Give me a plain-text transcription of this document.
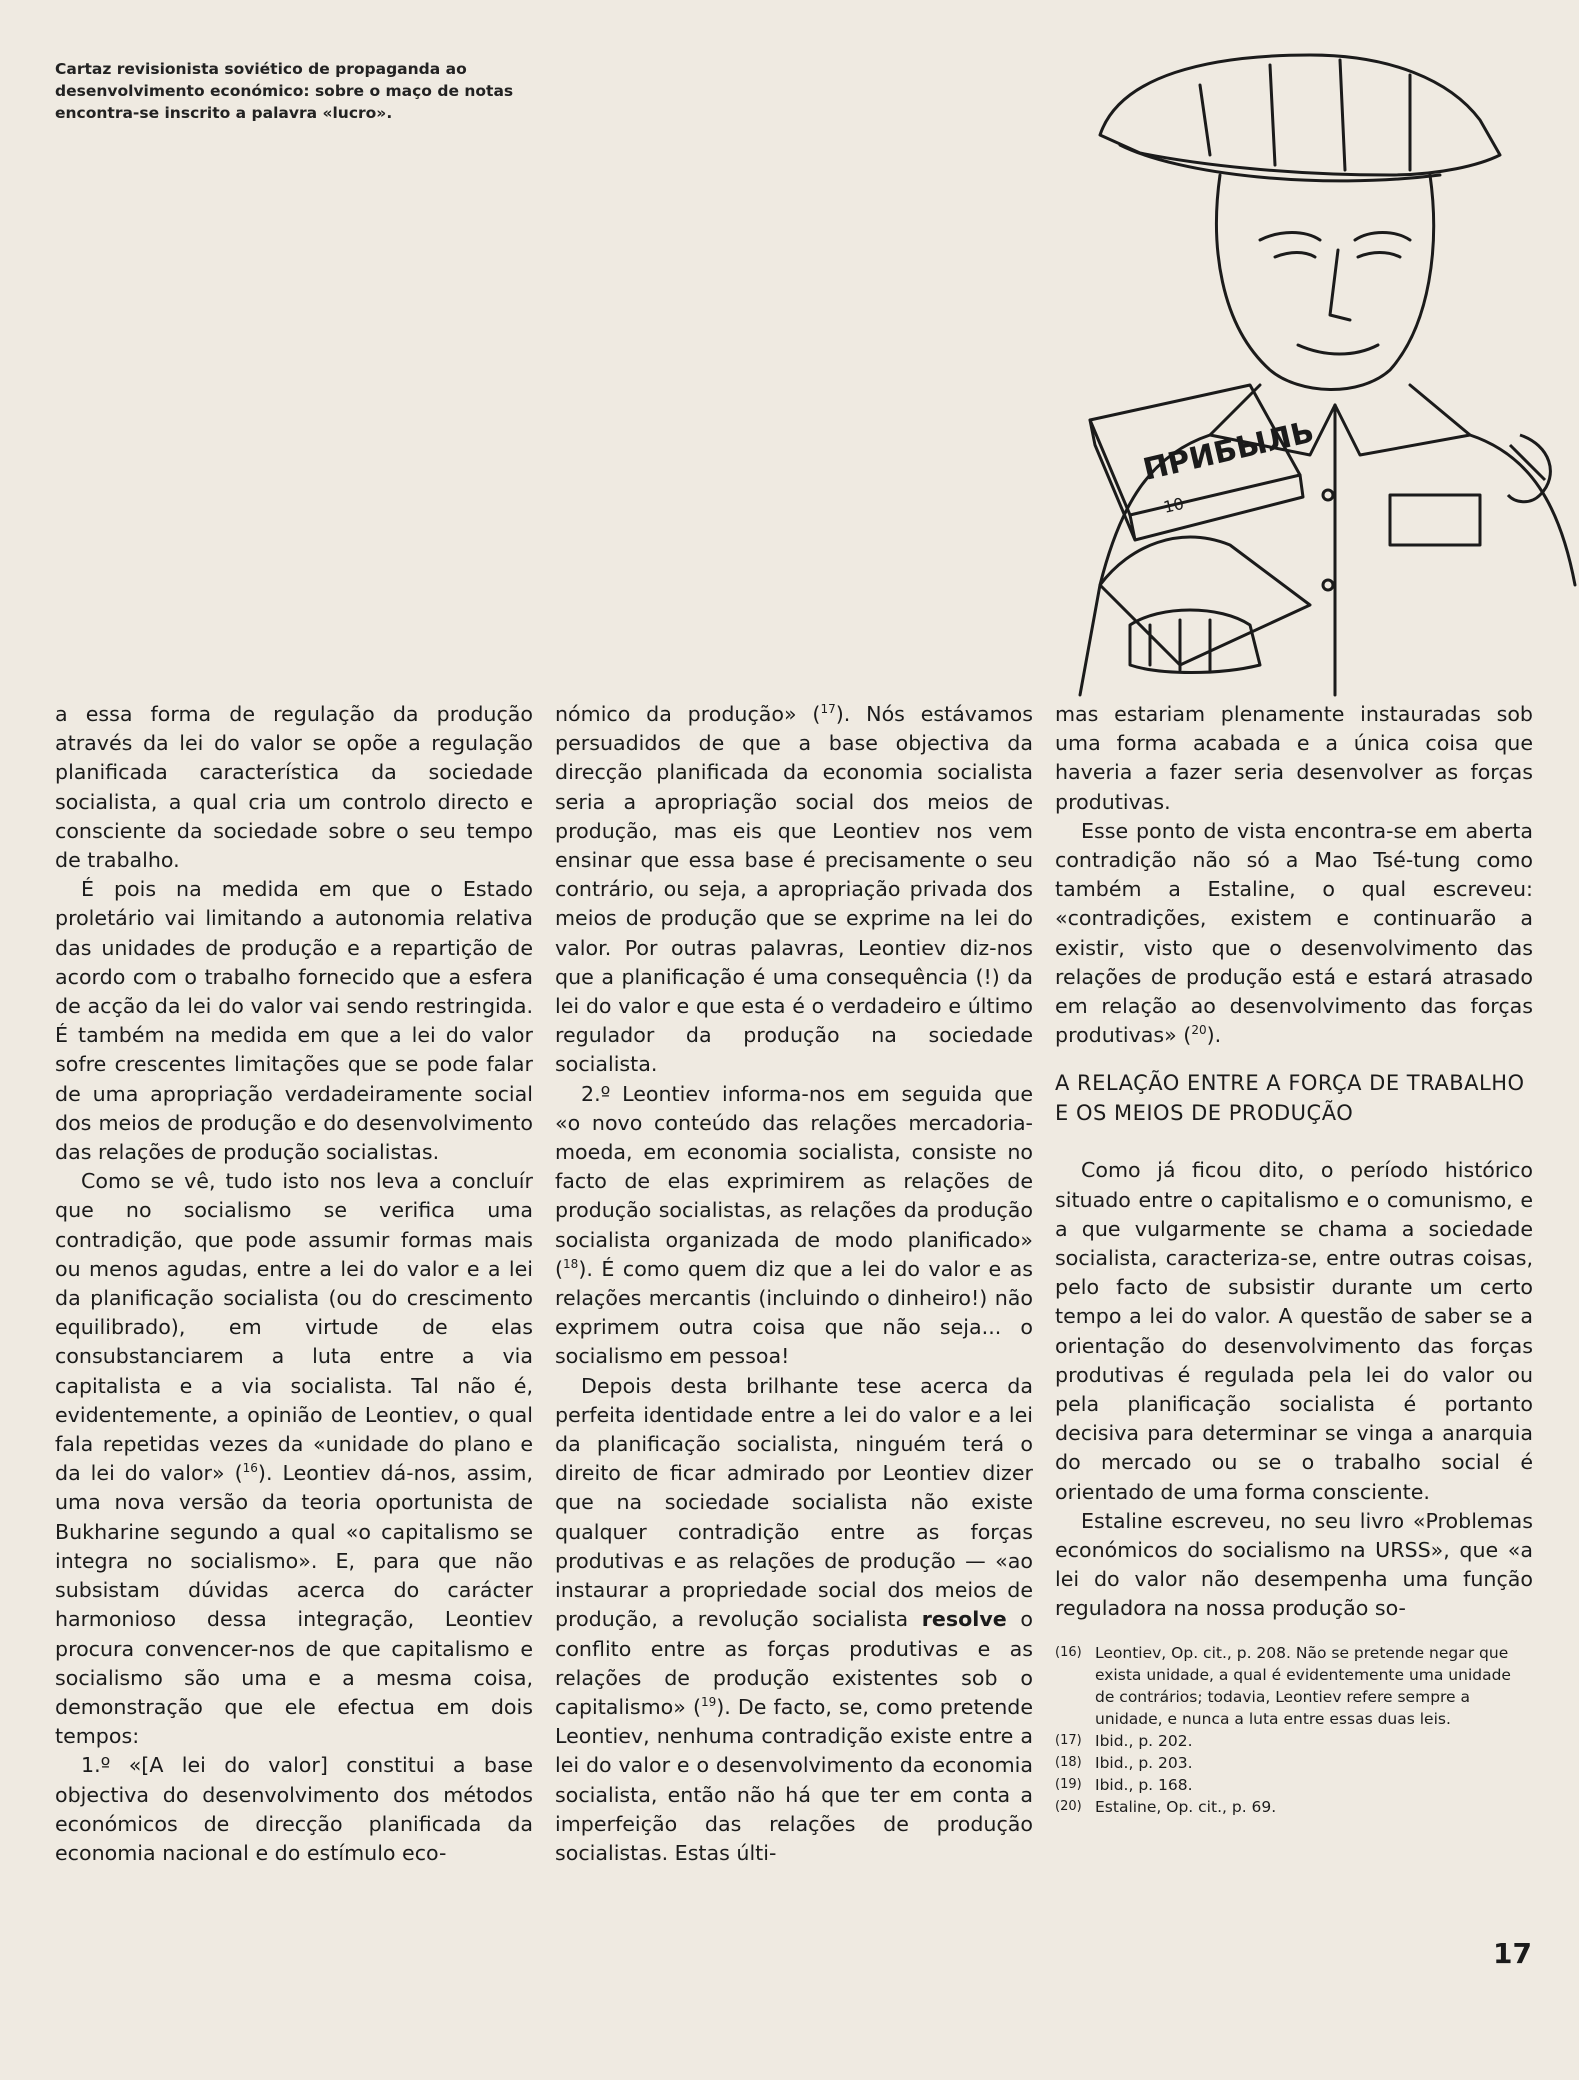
Cartaz revisionista soviético de propaganda ao desenvolvimento económico: sobre o maço de notas encontra-se inscrito a palavra «lucro».
ПРИБЫЛЬ
10

a essa forma de regulação da produção através da lei do valor se opõe a regulação planificada característica da sociedade socialista, a qual cria um controlo directo e consciente da sociedade sobre o seu tempo de trabalho.

É pois na medida em que o Estado proletário vai limitando a autonomia relativa das unidades de produção e a repartição de acordo com o trabalho fornecido que a esfera de acção da lei do valor vai sendo restringida. É também na medida em que a lei do valor sofre crescentes limitações que se pode falar de uma apropriação verdadeiramente social dos meios de produção e do desenvolvimento das relações de produção socialistas.

Como se vê, tudo isto nos leva a concluír que no socialismo se verifica uma contradição, que pode assumir formas mais ou menos agudas, entre a lei do valor e a lei da planificação socialista (ou do crescimento equilibrado), em virtude de elas consubstanciarem a luta entre a via capitalista e a via socialista. Tal não é, evidentemente, a opinião de Leontiev, o qual fala repetidas vezes da «unidade do plano e da lei do valor» ($^{16}$). Leontiev dá-nos, assim, uma nova versão da teoria oportunista de Bukharine segundo a qual «o capitalismo se integra no socialismo». E, para que não subsistam dúvidas acerca do carácter harmonioso dessa integração, Leontiev procura convencer-nos de que capitalismo e socialismo são uma e a mesma coisa, demonstração que ele efectua em dois tempos:

1.º «[A lei do valor] constitui a base objectiva do desenvolvimento dos métodos económicos de direcção planificada da economia nacional e do estímulo eco-

nómico da produção» ($^{17}$). Nós estávamos persuadidos de que a base objectiva da direcção planificada da economia socialista seria a apropriação social dos meios de produção, mas eis que Leontiev nos vem ensinar que essa base é precisamente o seu contrário, ou seja, a apropriação privada dos meios de produção que se exprime na lei do valor. Por outras palavras, Leontiev diz-nos que a planificação é uma consequência (!) da lei do valor e que esta é o verdadeiro e último regulador da produção na sociedade socialista.

2.º Leontiev informa-nos em seguida que «o novo conteúdo das relações mercadoria-moeda, em economia socialista, consiste no facto de elas exprimirem as relações de produção socialistas, as relações da produção socialista organizada de modo planificado» ($^{18}$). É como quem diz que a lei do valor e as relações mercantis (incluindo o dinheiro!) não exprimem outra coisa que não seja... o socialismo em pessoa!

Depois desta brilhante tese acerca da perfeita identidade entre a lei do valor e a lei da planificação socialista, ninguém terá o direito de ficar admirado por Leontiev dizer que na sociedade socialista não existe qualquer contradição entre as forças produtivas e as relações de produção — «ao instaurar a propriedade social dos meios de produção, a revolução socialista resolve o conflito entre as forças produtivas e as relações de produção existentes sob o capitalismo» ($^{19}$). De facto, se, como pretende Leontiev, nenhuma contradição existe entre a lei do valor e o desenvolvimento da economia socialista, então não há que ter em conta a imperfeição das relações de produção socialistas. Estas últi-

mas estariam plenamente instauradas sob uma forma acabada e a única coisa que haveria a fazer seria desenvolver as forças produtivas.

Esse ponto de vista encontra-se em aberta contradição não só a Mao Tsé-tung como também a Estaline, o qual escreveu: «contradições, existem e continuarão a existir, visto que o desenvolvimento das relações de produção está e estará atrasado em relação ao desenvolvimento das forças produtivas» ($^{20}$).

A RELAÇÃO ENTRE A FORÇA DE TRABALHO E OS MEIOS DE PRODUÇÃO

Como já ficou dito, o período histórico situado entre o capitalismo e o comunismo, e a que vulgarmente se chama a sociedade socialista, caracteriza-se, entre outras coisas, pelo facto de subsistir durante um certo tempo a lei do valor. A questão de saber se a orientação do desenvolvimento das forças produtivas é regulada pela lei do valor ou pela planificação socialista é portanto decisiva para determinar se vinga a anarquia do mercado ou se o trabalho social é orientado de uma forma consciente.

Estaline escreveu, no seu livro «Problemas económicos do socialismo na URSS», que «a lei do valor não desempenha uma função reguladora na nossa produção so-

(16) Leontiev, Op. cit., p. 208. Não se pretende negar que exista unidade, a qual é evidentemente uma unidade de contrários; todavia, Leontiev refere sempre a unidade, e nunca a luta entre essas duas leis.
(17) Ibid., p. 202.
(18) Ibid., p. 203.
(19) Ibid., p. 168.
(20) Estaline, Op. cit., p. 69.
17
